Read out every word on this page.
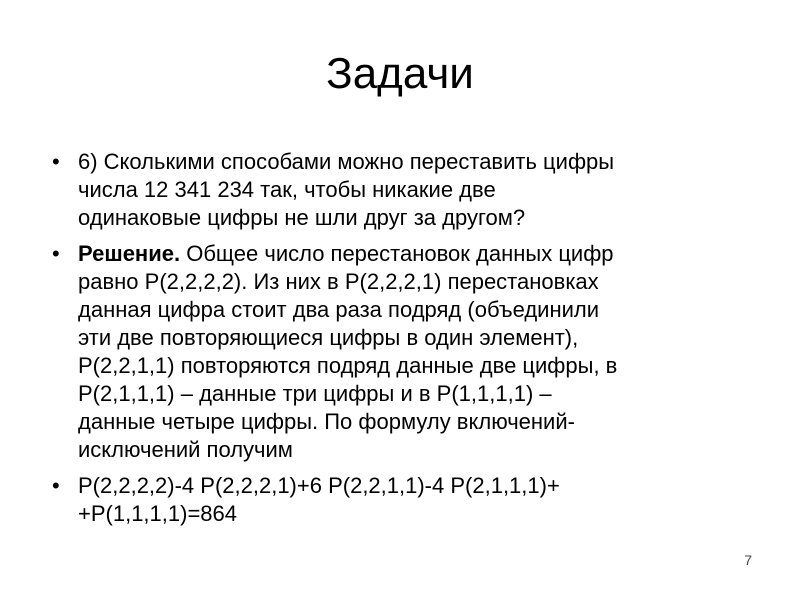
Задачи
• 6) Сколькими способами можно переставить цифры
числа 12 341 234 так, чтобы никакие две
одинаковые цифры не шли друг за другом?
• Решение. Общее число перестановок данных цифр
равно P(2,2,2,2). Из них в P(2,2,2,1) перестановках
данная цифра стоит два раза подряд (объединили
эти две повторяющиеся цифры в один элемент),
P(2,2,1,1) повторяются подряд данные две цифры, в
P(2,1,1,1) – данные три цифры и в P(1,1,1,1) –
данные четыре цифры. По формулу включений-
исключений получим
• P(2,2,2,2)-4 P(2,2,2,1)+6 P(2,2,1,1)-4 P(2,1,1,1)+
+P(1,1,1,1)=864
7
